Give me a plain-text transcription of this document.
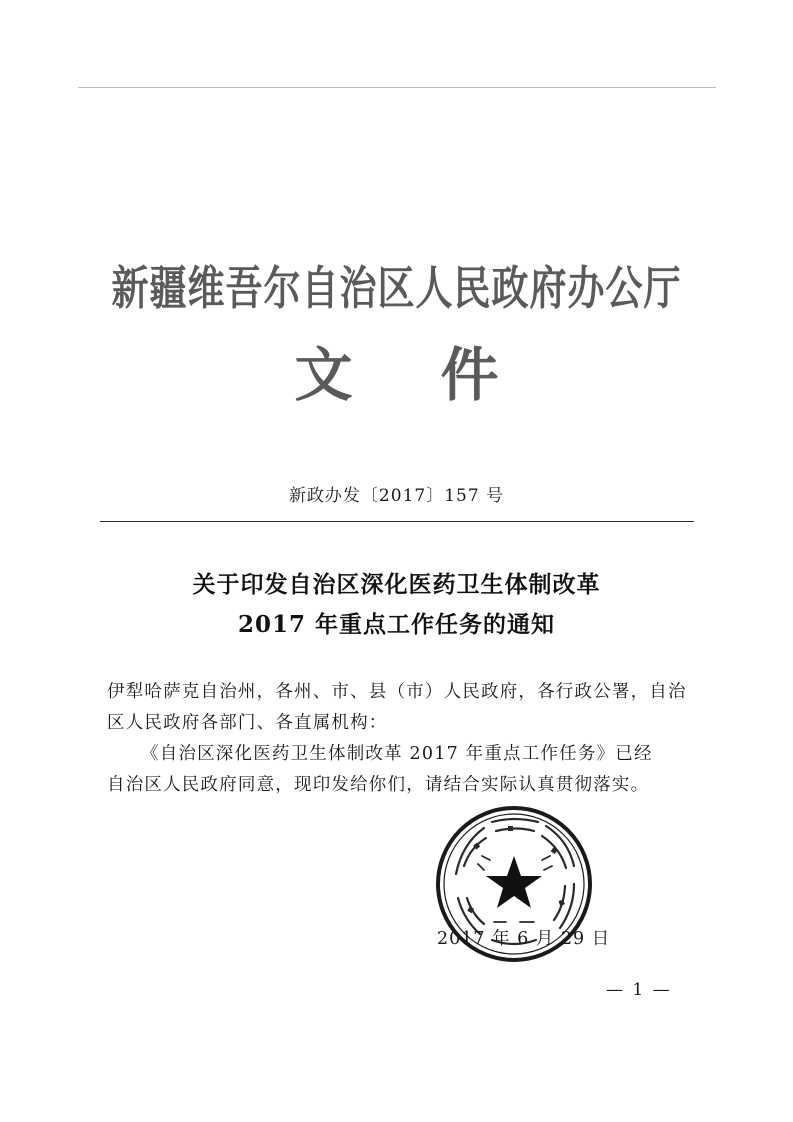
新疆维吾尔自治区人民政府办公厅
文件
新政办发〔2017〕157 号
关于印发自治区深化医药卫生体制改革
2017 年重点工作任务的通知
伊犁哈萨克自治州，各州、市、县（市）人民政府，各行政公署，自治
区人民政府各部门、各直属机构：
《自治区深化医药卫生体制改革 2017 年重点工作任务》已经
自治区人民政府同意，现印发给你们，请结合实际认真贯彻落实。
2017 年 6 月 29 日
— 1 —
